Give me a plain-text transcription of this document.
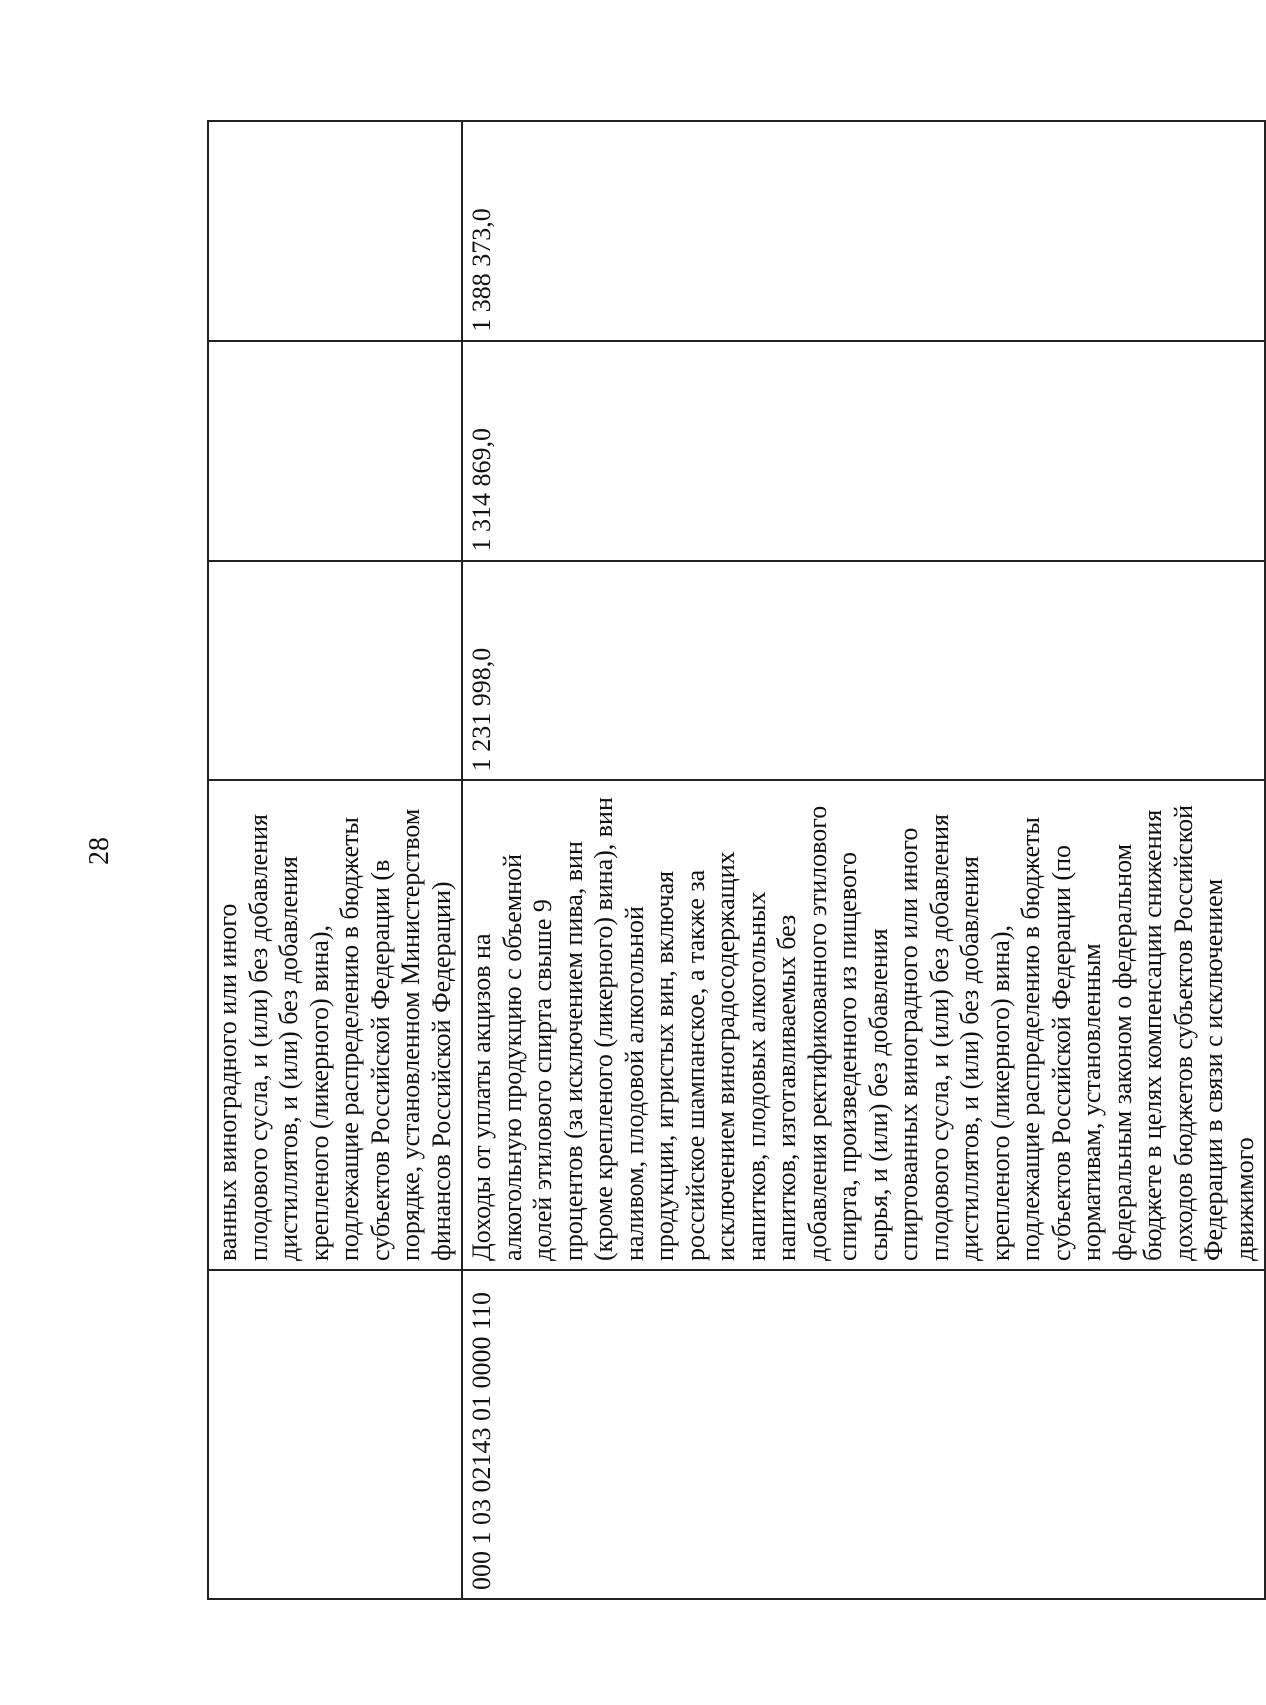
28
	ванных виноградного или иного плодового сусла, и (или) без добавления дистиллятов, и (или) без добавления крепленого (ликерного) вина), подлежащие распределению в бюджеты субъектов Российской Федерации (в порядке, установленном Министерством финансов Российской Федерации)			
000 1 03 02143 01 0000 110	Доходы от уплаты акцизов на алкогольную продукцию с объемной долей этилового спирта свыше 9 процентов (за исключением пива, вин (кроме крепленого (ликерного) вина), вин наливом, плодовой алкогольной продукции, игристых вин, включая российское шампанское, а также за исключением виноградосодержащих напитков, плодовых алкогольных напитков, изготавливаемых без добавления ректификованного этилового спирта, произведенного из пищевого сырья, и (или) без добавления спиртованных виноградного или иного плодового сусла, и (или) без добавления дистиллятов, и (или) без добавления крепленого (ликерного) вина), подлежащие распределению в бюджеты субъектов Российской Федерации (по нормативам, установленным федеральным законом о федеральном бюджете в целях компенсации снижения доходов бюджетов субъектов Российской Федерации в связи с исключением движимого	1 231 998,0	1 314 869,0	1 388 373,0
